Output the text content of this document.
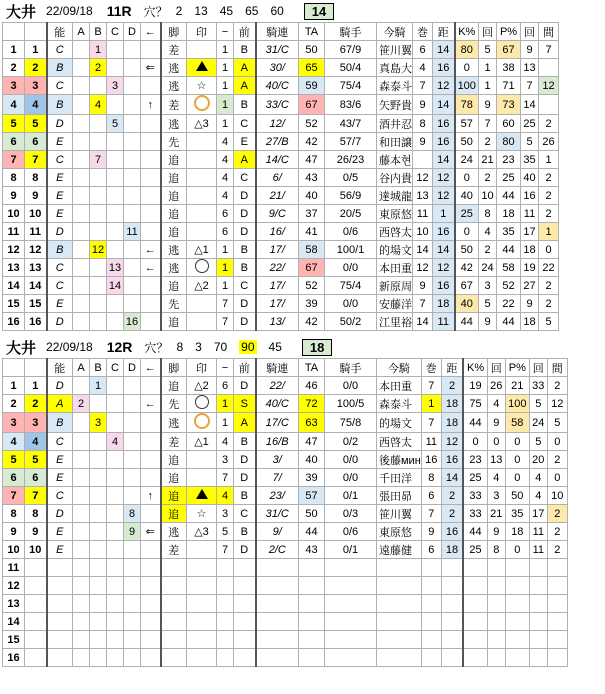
大井 22/09/18 11R 穴？ 2 13 45 65 60	14
		能	A	B	C	D	←	脚	印	−	前	騎連	TA	騎手	今騎	巻	距	K%	回	P%	回	間
1	1	C		1				差		1	B	31/C	50	67/9	笹川翼	6	14	80	5	67	9	7
2	2	B		2			⇐	逃		1	A	30/	65	50/4	真島大	4	16	0	1	38	13	
3	3	C			3			逃	☆	1	A	40/C	59	75/4	森泰斗	7	12	100	1	71	7	12
4	4	B		4			↑	差		1	B	33/C	67	83/6	矢野貴	9	14	78	9	73	14	
5	5	D			5			逃	△3	1	C	12/	52	43/7	酒井忍	8	16	57	7	60	25	2
6	6	E						先		4	E	27/B	42	57/7	和田譲	9	16	50	2	80	5	26
7	7	C		7				追		4	A	14/C	47	26/23	藤本현		14	24	21	23	35	1
8	8	E						追		4	C	6/	43	0/5	谷内貴	12	12	0	2	25	40	2
9	9	E						追		4	D	21/	40	56/9	達城龍	13	12	40	10	44	16	2
10	10	E						追		6	D	9/C	37	20/5	東原悠	11	1	25	8	18	11	2
11	11	D				11		追		6	D	16/	41	0/6	西啓太	10	16	0	4	35	17	1
12	12	B		12			←	逃	△1	1	B	17/	58	100/1	的場文	14	14	50	2	44	18	0
13	13	C			13		←	逃		1	B	22/	67	0/0	本田重	12	12	42	24	58	19	22
14	14	C			14			追	△2	1	C	17/	52	75/4	新原周	9	16	67	3	52	27	2
15	15	E						先		7	D	17/	39	0/0	安藤洋	7	18	40	5	22	9	2
16	16	D				16		追		7	D	13/	42	50/2	江里裕	14	11	44	9	44	18	5
大井 22/09/18 12R 穴？ 8 3 70 90 45	18
		能	A	B	C	D	←	脚	印	−	前	騎連	TA	騎手	今騎	巻	距	K%	回	P%	回	間
1	1	D		1				追	△2	6	D	22/	46	0/0	本田重	7	2	19	26	21	33	2
2	2	A	2				←	先		1	S	40/C	72	100/5	森泰斗	1	18	75	4	100	5	12
3	3	B		3				逃		1	A	17/C	63	75/8	的場文	7	18	44	9	58	24	5
4	4	C			4			差	△1	4	B	16/B	47	0/2	西啓太	11	12	0	0	0	5	0
5	5	E						追		3	D	3/	40	0/0	後藤мин	16	16	23	13	0	20	2
6	6	E						追		7	D	7/	39	0/0	千田洋	8	14	25	4	0	4	0
7	7	C					↑	追		4	B	23/	57	0/1	張田昴	6	2	33	3	50	4	10
8	8	D				8		追	☆	3	C	31/C	50	0/3	笹川翼	7	2	33	21	35	17	2
9	9	E				9	⇐	逃	△3	5	B	9/	44	0/6	東原悠	9	16	44	9	18	11	2
10	10	E						差		7	D	2/C	43	0/1	遠藤健	6	18	25	8	0	11	2
11																						
12																						
13																						
14																						
15																						
16																						
